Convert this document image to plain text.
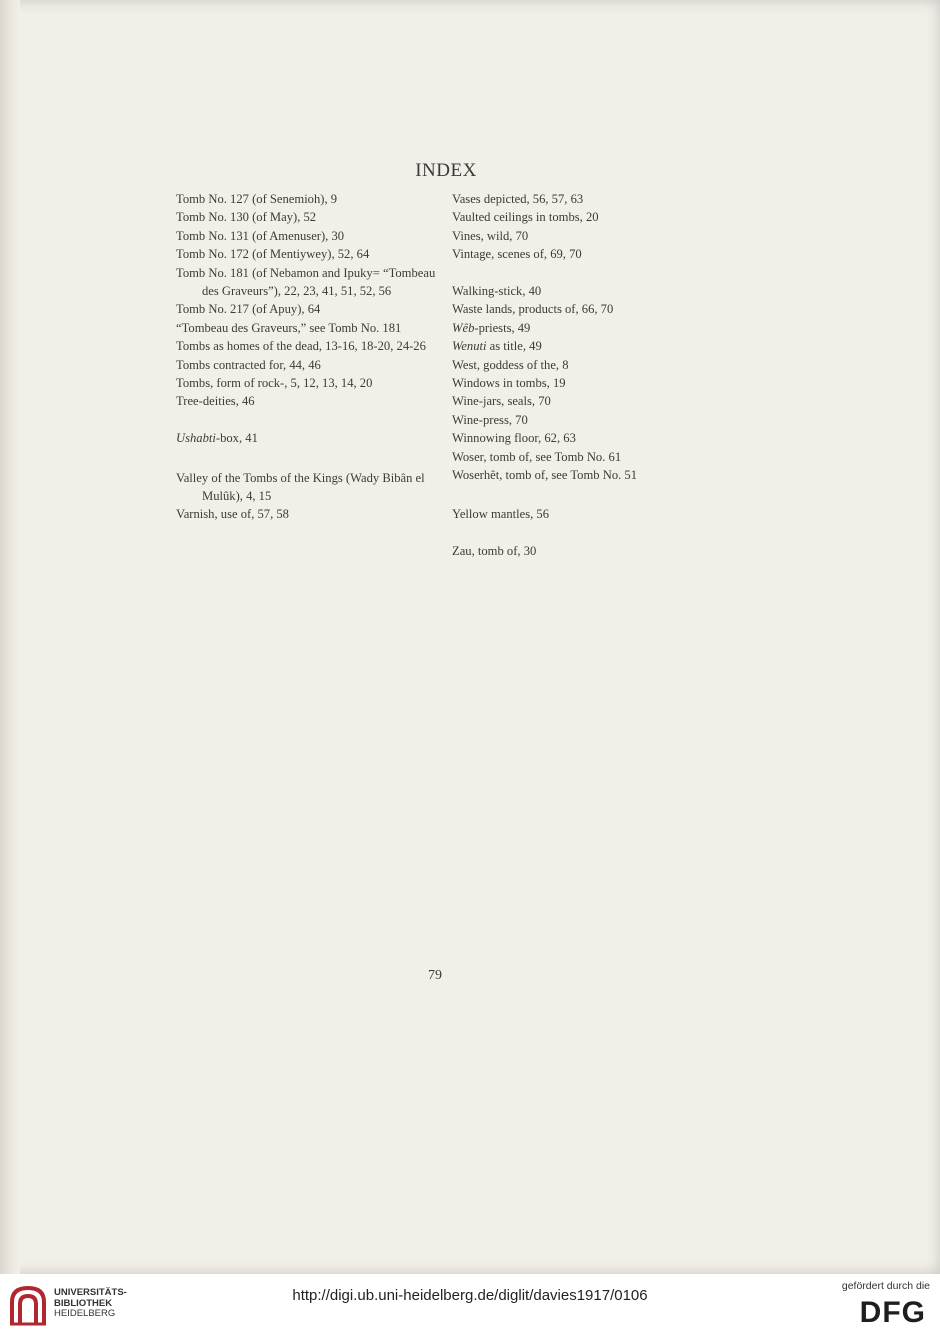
INDEX
Tomb No. 127 (of Senemioh), 9
Tomb No. 130 (of May), 52
Tomb No. 131 (of Amenuser), 30
Tomb No. 172 (of Mentiywey), 52, 64
Tomb No. 181 (of Nebamon and Ipuky= “Tombeau des Graveurs”), 22, 23, 41, 51, 52, 56
Tomb No. 217 (of Apuy), 64
“Tombeau des Graveurs,” see Tomb No. 181
Tombs as homes of the dead, 13-16, 18-20, 24-26
Tombs contracted for, 44, 46
Tombs, form of rock-, 5, 12, 13, 14, 20
Tree-deities, 46
Ushabti-box, 41
Valley of the Tombs of the Kings (Wady Bibân el Mulûk), 4, 15
Varnish, use of, 57, 58
Vases depicted, 56, 57, 63
Vaulted ceilings in tombs, 20
Vines, wild, 70
Vintage, scenes of, 69, 70
Walking-stick, 40
Waste lands, products of, 66, 70
Wêb-priests, 49
Wenuti as title, 49
West, goddess of the, 8
Windows in tombs, 19
Wine-jars, seals, 70
Wine-press, 70
Winnowing floor, 62, 63
Woser, tomb of, see Tomb No. 61
Woserhêt, tomb of, see Tomb No. 51
Yellow mantles, 56
Zau, tomb of, 30
79
UNIVERSITÄTS-
BIBLIOTHEK
HEIDELBERG
http://digi.ub.uni-heidelberg.de/diglit/davies1917/0106
gefördert durch die
DFG
